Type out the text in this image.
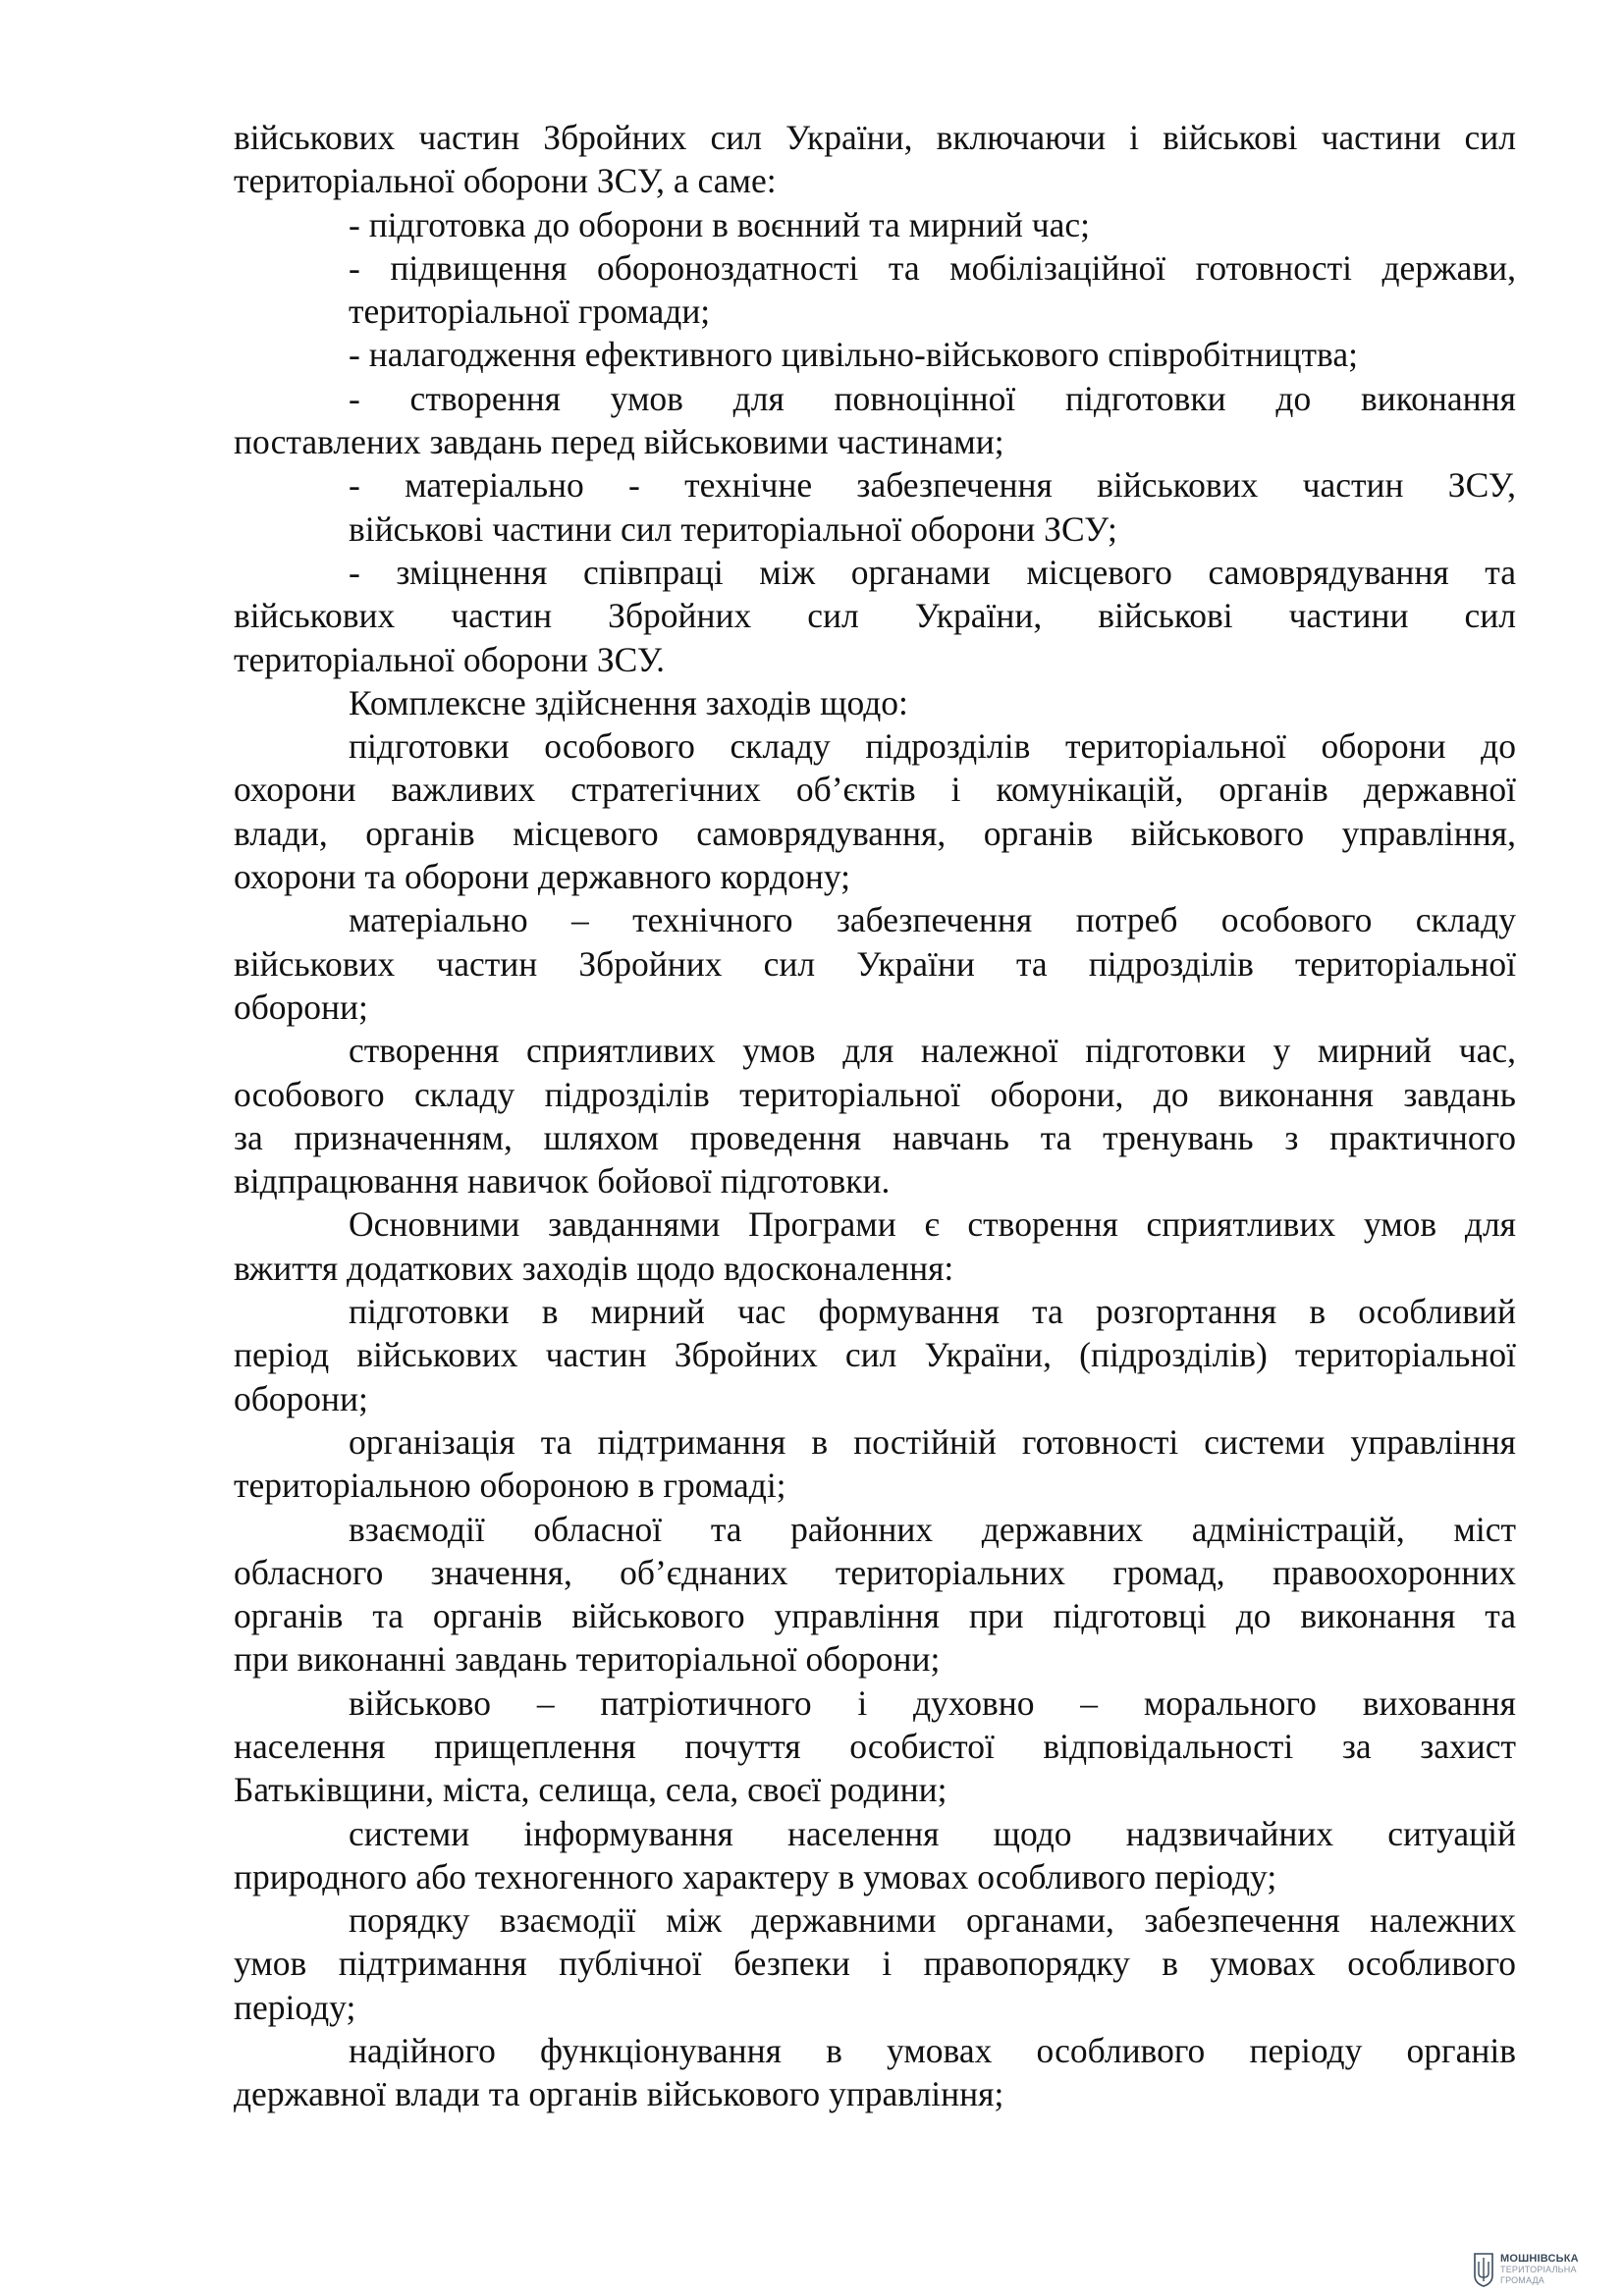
військових частин Збройних сил України, включаючи і військові частини сил
територіальної оборони ЗСУ, а саме:
- підготовка до оборони в воєнний та мирний час;
- підвищення обороноздатності та мобілізаційної готовності держави,
територіальної громади;
- налагодження ефективного цивільно-військового співробітництва;
- створення умов для повноцінної підготовки до виконання
поставлених завдань перед військовими частинами;
- матеріально - технічне забезпечення військових частин ЗСУ,
військові частини сил територіальної оборони ЗСУ;
- зміцнення співпраці між органами місцевого самоврядування та
військових частин Збройних сил України, військові частини сил
територіальної оборони ЗСУ.
Комплексне здійснення заходів щодо:
підготовки особового складу підрозділів територіальної оборони до
охорони важливих стратегічних об’єктів і комунікацій, органів державної
влади, органів місцевого самоврядування, органів військового управління,
охорони та оборони державного кордону;
матеріально – технічного забезпечення потреб особового складу
військових частин Збройних сил України та підрозділів територіальної
оборони;
створення сприятливих умов для належної підготовки у мирний час,
особового складу підрозділів територіальної оборони, до виконання завдань
за призначенням, шляхом проведення навчань та тренувань з практичного
відпрацювання навичок бойової підготовки.
Основними завданнями Програми є створення сприятливих умов для
вжиття додаткових заходів щодо вдосконалення:
підготовки в мирний час формування та розгортання в особливий
період військових частин Збройних сил України, (підрозділів) територіальної
оборони;
організація та підтримання в постійній готовності системи управління
територіальною обороною в громаді;
взаємодії обласної та районних державних адміністрацій, міст
обласного значення, об’єднаних територіальних громад, правоохоронних
органів та органів військового управління при підготовці до виконання та
при виконанні завдань територіальної оборони;
військово – патріотичного і духовно – морального виховання
населення прищеплення почуття особистої відповідальності за захист
Батьківщини, міста, селища, села, своєї родини;
системи інформування населення щодо надзвичайних ситуацій
природного або техногенного характеру в умовах особливого періоду;
порядку взаємодії між державними органами, забезпечення належних
умов підтримання публічної безпеки і правопорядку в умовах особливого
періоду;
надійного функціонування в умовах особливого періоду органів
державної влади та органів військового управління;
МОШНІВСЬКА
ТЕРИТОРІАЛЬНА
ГРОМАДА
